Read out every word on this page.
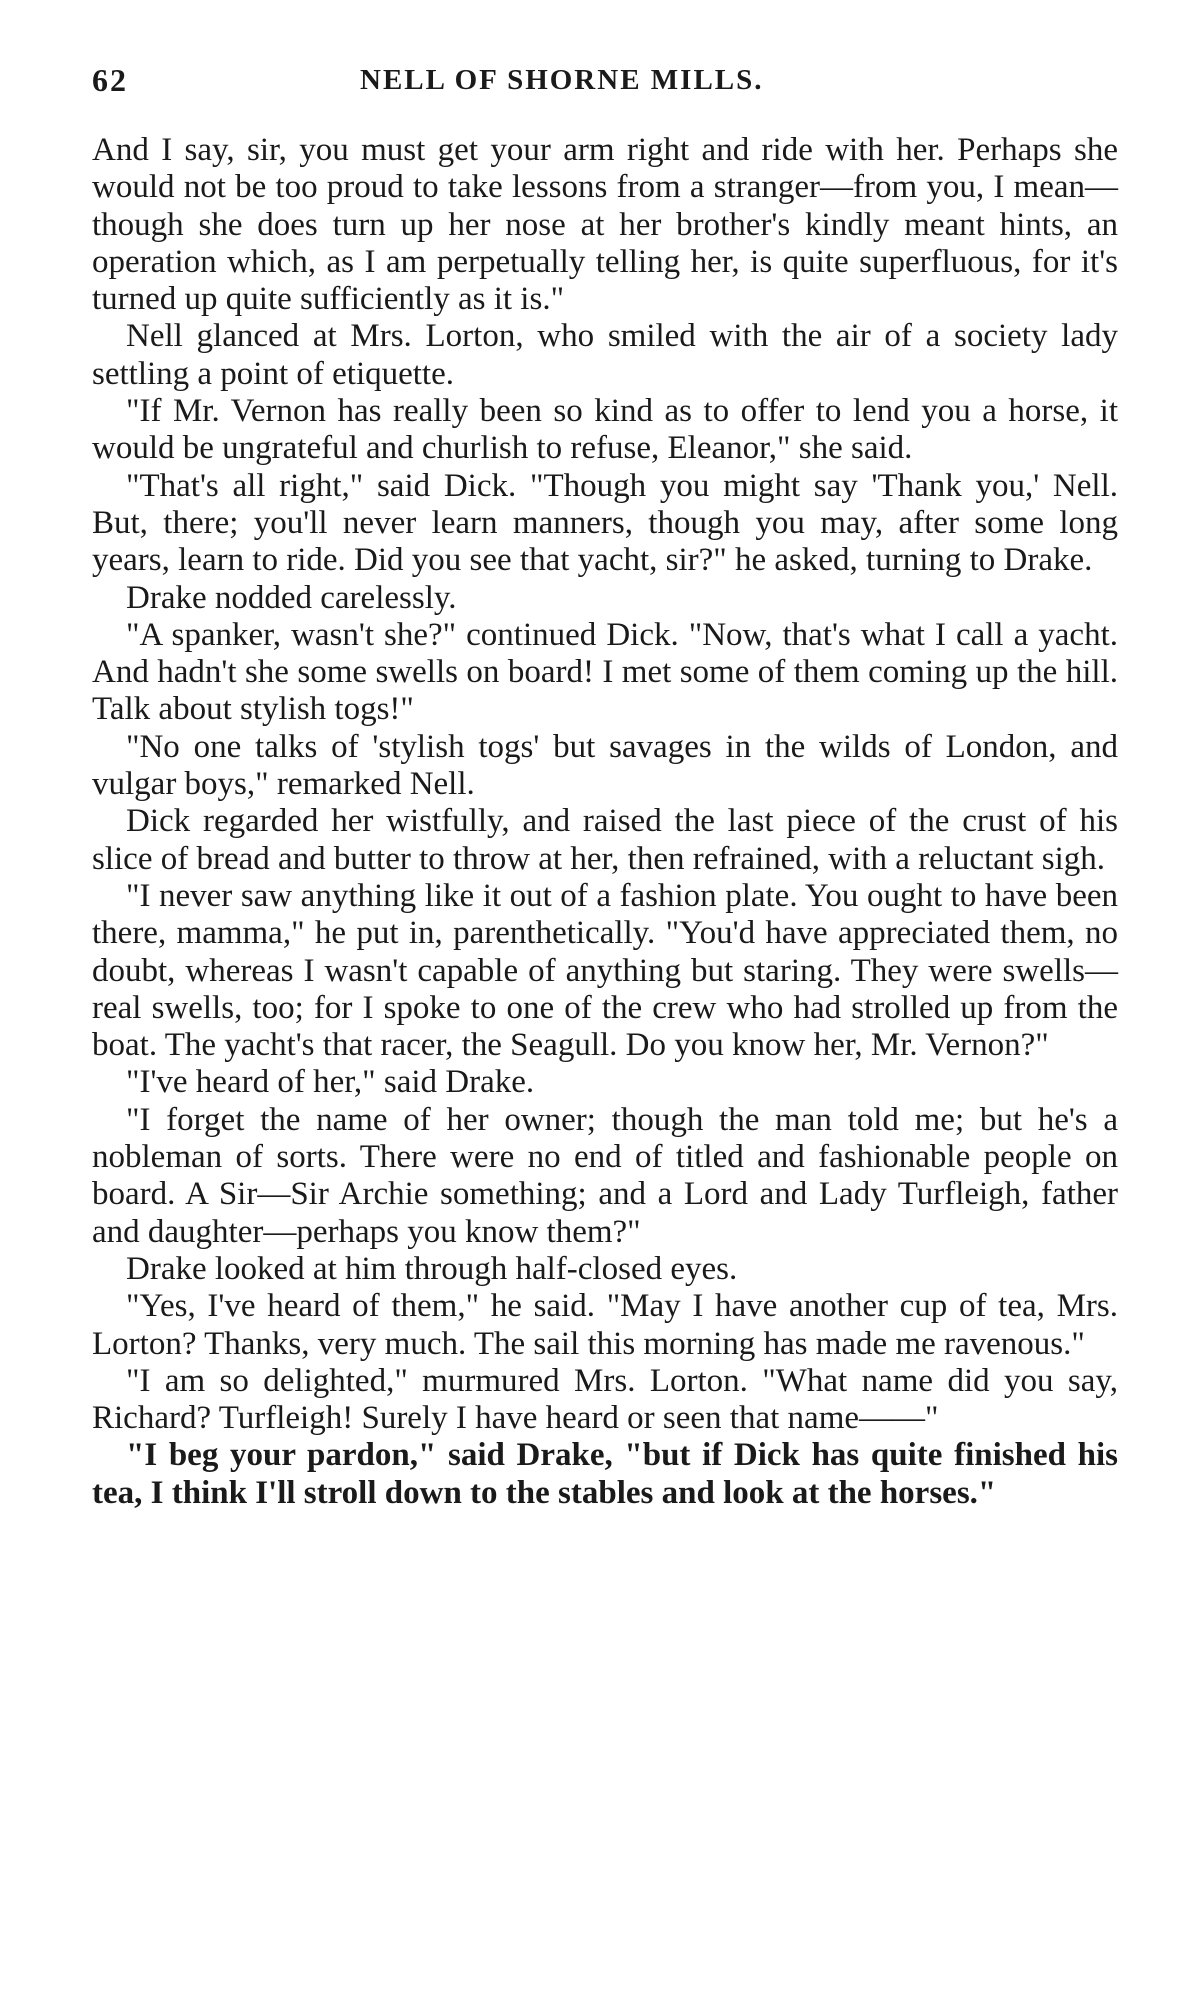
62	NELL OF SHORNE MILLS.

And I say, sir, you must get your arm right and ride with her. Perhaps she would not be too proud to take lessons from a stranger—from you, I mean—though she does turn up her nose at her brother's kindly meant hints, an operation which, as I am perpetually telling her, is quite superfluous, for it's turned up quite sufficiently as it is."

Nell glanced at Mrs. Lorton, who smiled with the air of a society lady settling a point of etiquette.

"If Mr. Vernon has really been so kind as to offer to lend you a horse, it would be ungrateful and churlish to refuse, Eleanor," she said.

"That's all right," said Dick. "Though you might say 'Thank you,' Nell. But, there; you'll never learn manners, though you may, after some long years, learn to ride. Did you see that yacht, sir?" he asked, turning to Drake.

Drake nodded carelessly.

"A spanker, wasn't she?" continued Dick. "Now, that's what I call a yacht. And hadn't she some swells on board! I met some of them coming up the hill. Talk about stylish togs!"

"No one talks of 'stylish togs' but savages in the wilds of London, and vulgar boys," remarked Nell.

Dick regarded her wistfully, and raised the last piece of the crust of his slice of bread and butter to throw at her, then refrained, with a reluctant sigh.

"I never saw anything like it out of a fashion plate. You ought to have been there, mamma," he put in, parenthetically. "You'd have appreciated them, no doubt, whereas I wasn't capable of anything but staring. They were swells—real swells, too; for I spoke to one of the crew who had strolled up from the boat. The yacht's that racer, the Seagull. Do you know her, Mr. Vernon?"

"I've heard of her," said Drake.

"I forget the name of her owner; though the man told me; but he's a nobleman of sorts. There were no end of titled and fashionable people on board. A Sir—Sir Archie something; and a Lord and Lady Turfleigh, father and daughter—perhaps you know them?"

Drake looked at him through half-closed eyes.

"Yes, I've heard of them," he said. "May I have another cup of tea, Mrs. Lorton? Thanks, very much. The sail this morning has made me ravenous."

"I am so delighted," murmured Mrs. Lorton. "What name did you say, Richard? Turfleigh! Surely I have heard or seen that name——"

"I beg your pardon," said Drake, "but if Dick has quite finished his tea, I think I'll stroll down to the stables and look at the horses."
